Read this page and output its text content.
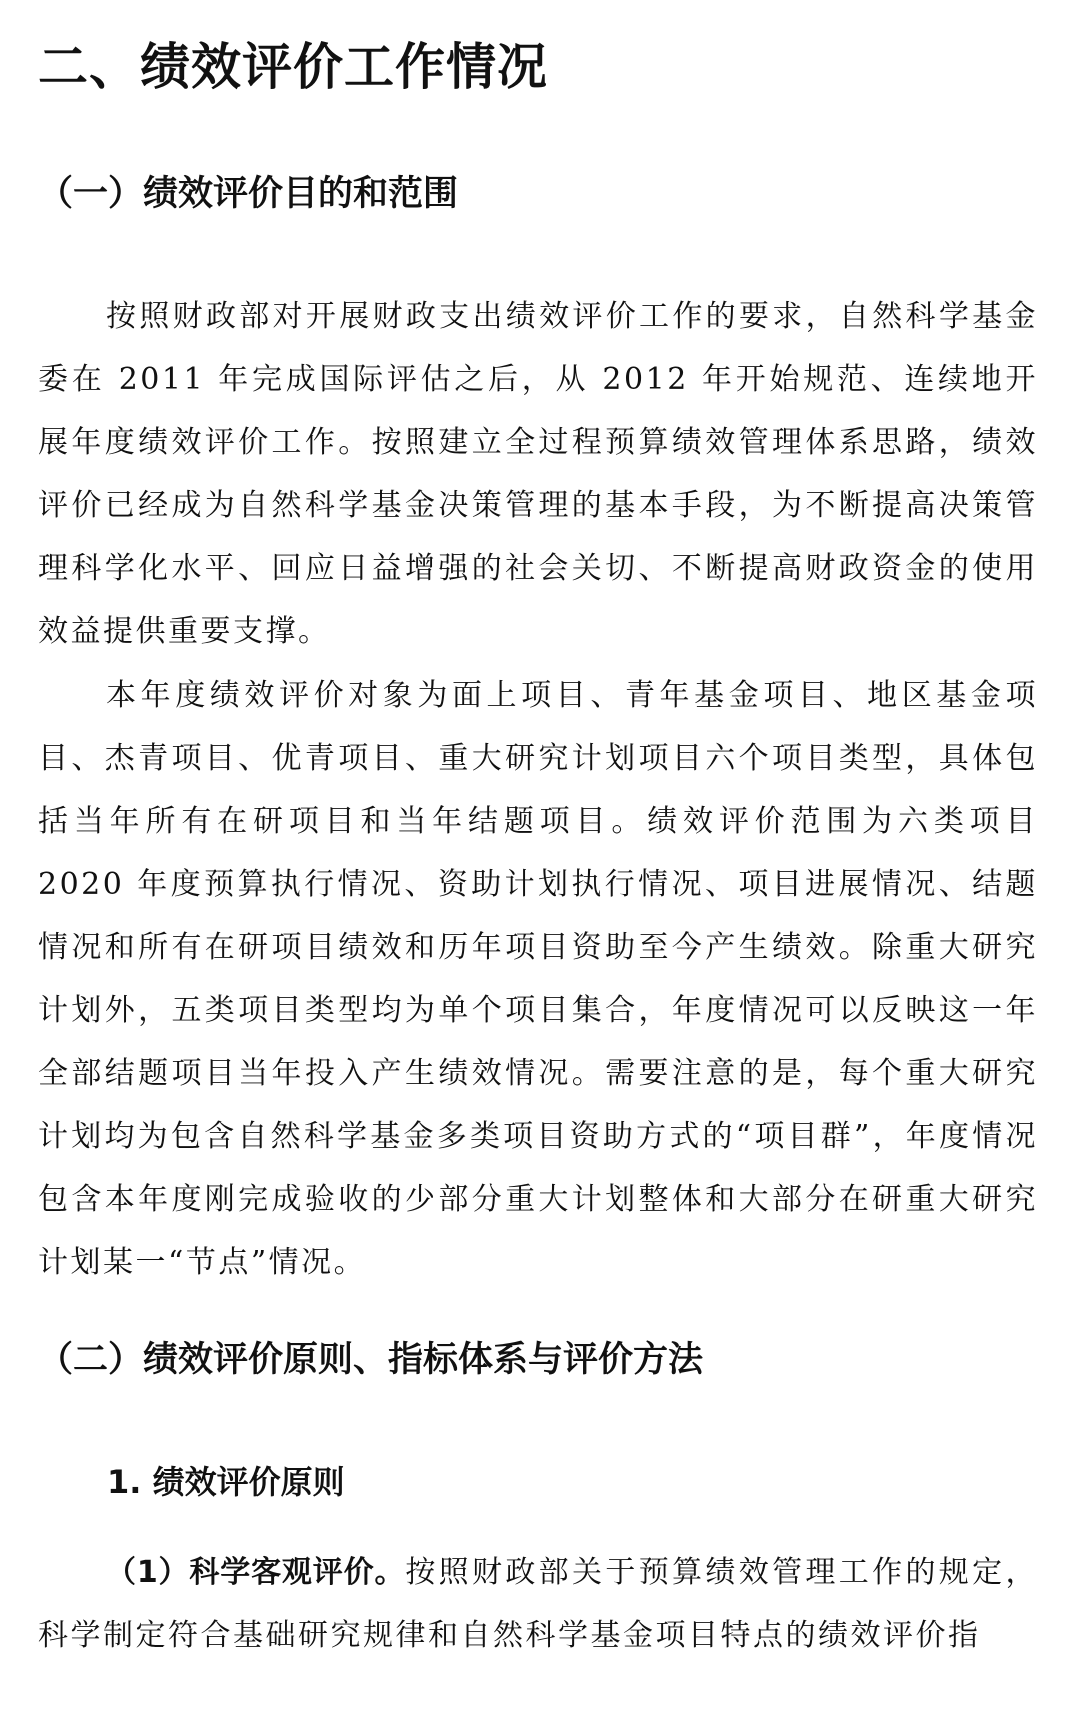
二、绩效评价工作情况
（一）绩效评价目的和范围

按照财政部对开展财政支出绩效评价工作的要求，自然科学基金委在 2011 年完成国际评估之后，从 2012 年开始规范、连续地开展年度绩效评价工作。按照建立全过程预算绩效管理体系思路，绩效评价已经成为自然科学基金决策管理的基本手段，为不断提高决策管理科学化水平、回应日益增强的社会关切、不断提高财政资金的使用效益提供重要支撑。

本年度绩效评价对象为面上项目、青年基金项目、地区基金项目、杰青项目、优青项目、重大研究计划项目六个项目类型，具体包括当年所有在研项目和当年结题项目。绩效评价范围为六类项目 2020 年度预算执行情况、资助计划执行情况、项目进展情况、结题情况和所有在研项目绩效和历年项目资助至今产生绩效。除重大研究计划外，五类项目类型均为单个项目集合，年度情况可以反映这一年全部结题项目当年投入产生绩效情况。需要注意的是，每个重大研究计划均为包含自然科学基金多类项目资助方式的“项目群”，年度情况包含本年度刚完成验收的少部分重大计划整体和大部分在研重大研究计划某一“节点”情况。

（二）绩效评价原则、指标体系与评价方法
1. 绩效评价原则

（1）科学客观评价。按照财政部关于预算绩效管理工作的规定，科学制定符合基础研究规律和自然科学基金项目特点的绩效评价指
